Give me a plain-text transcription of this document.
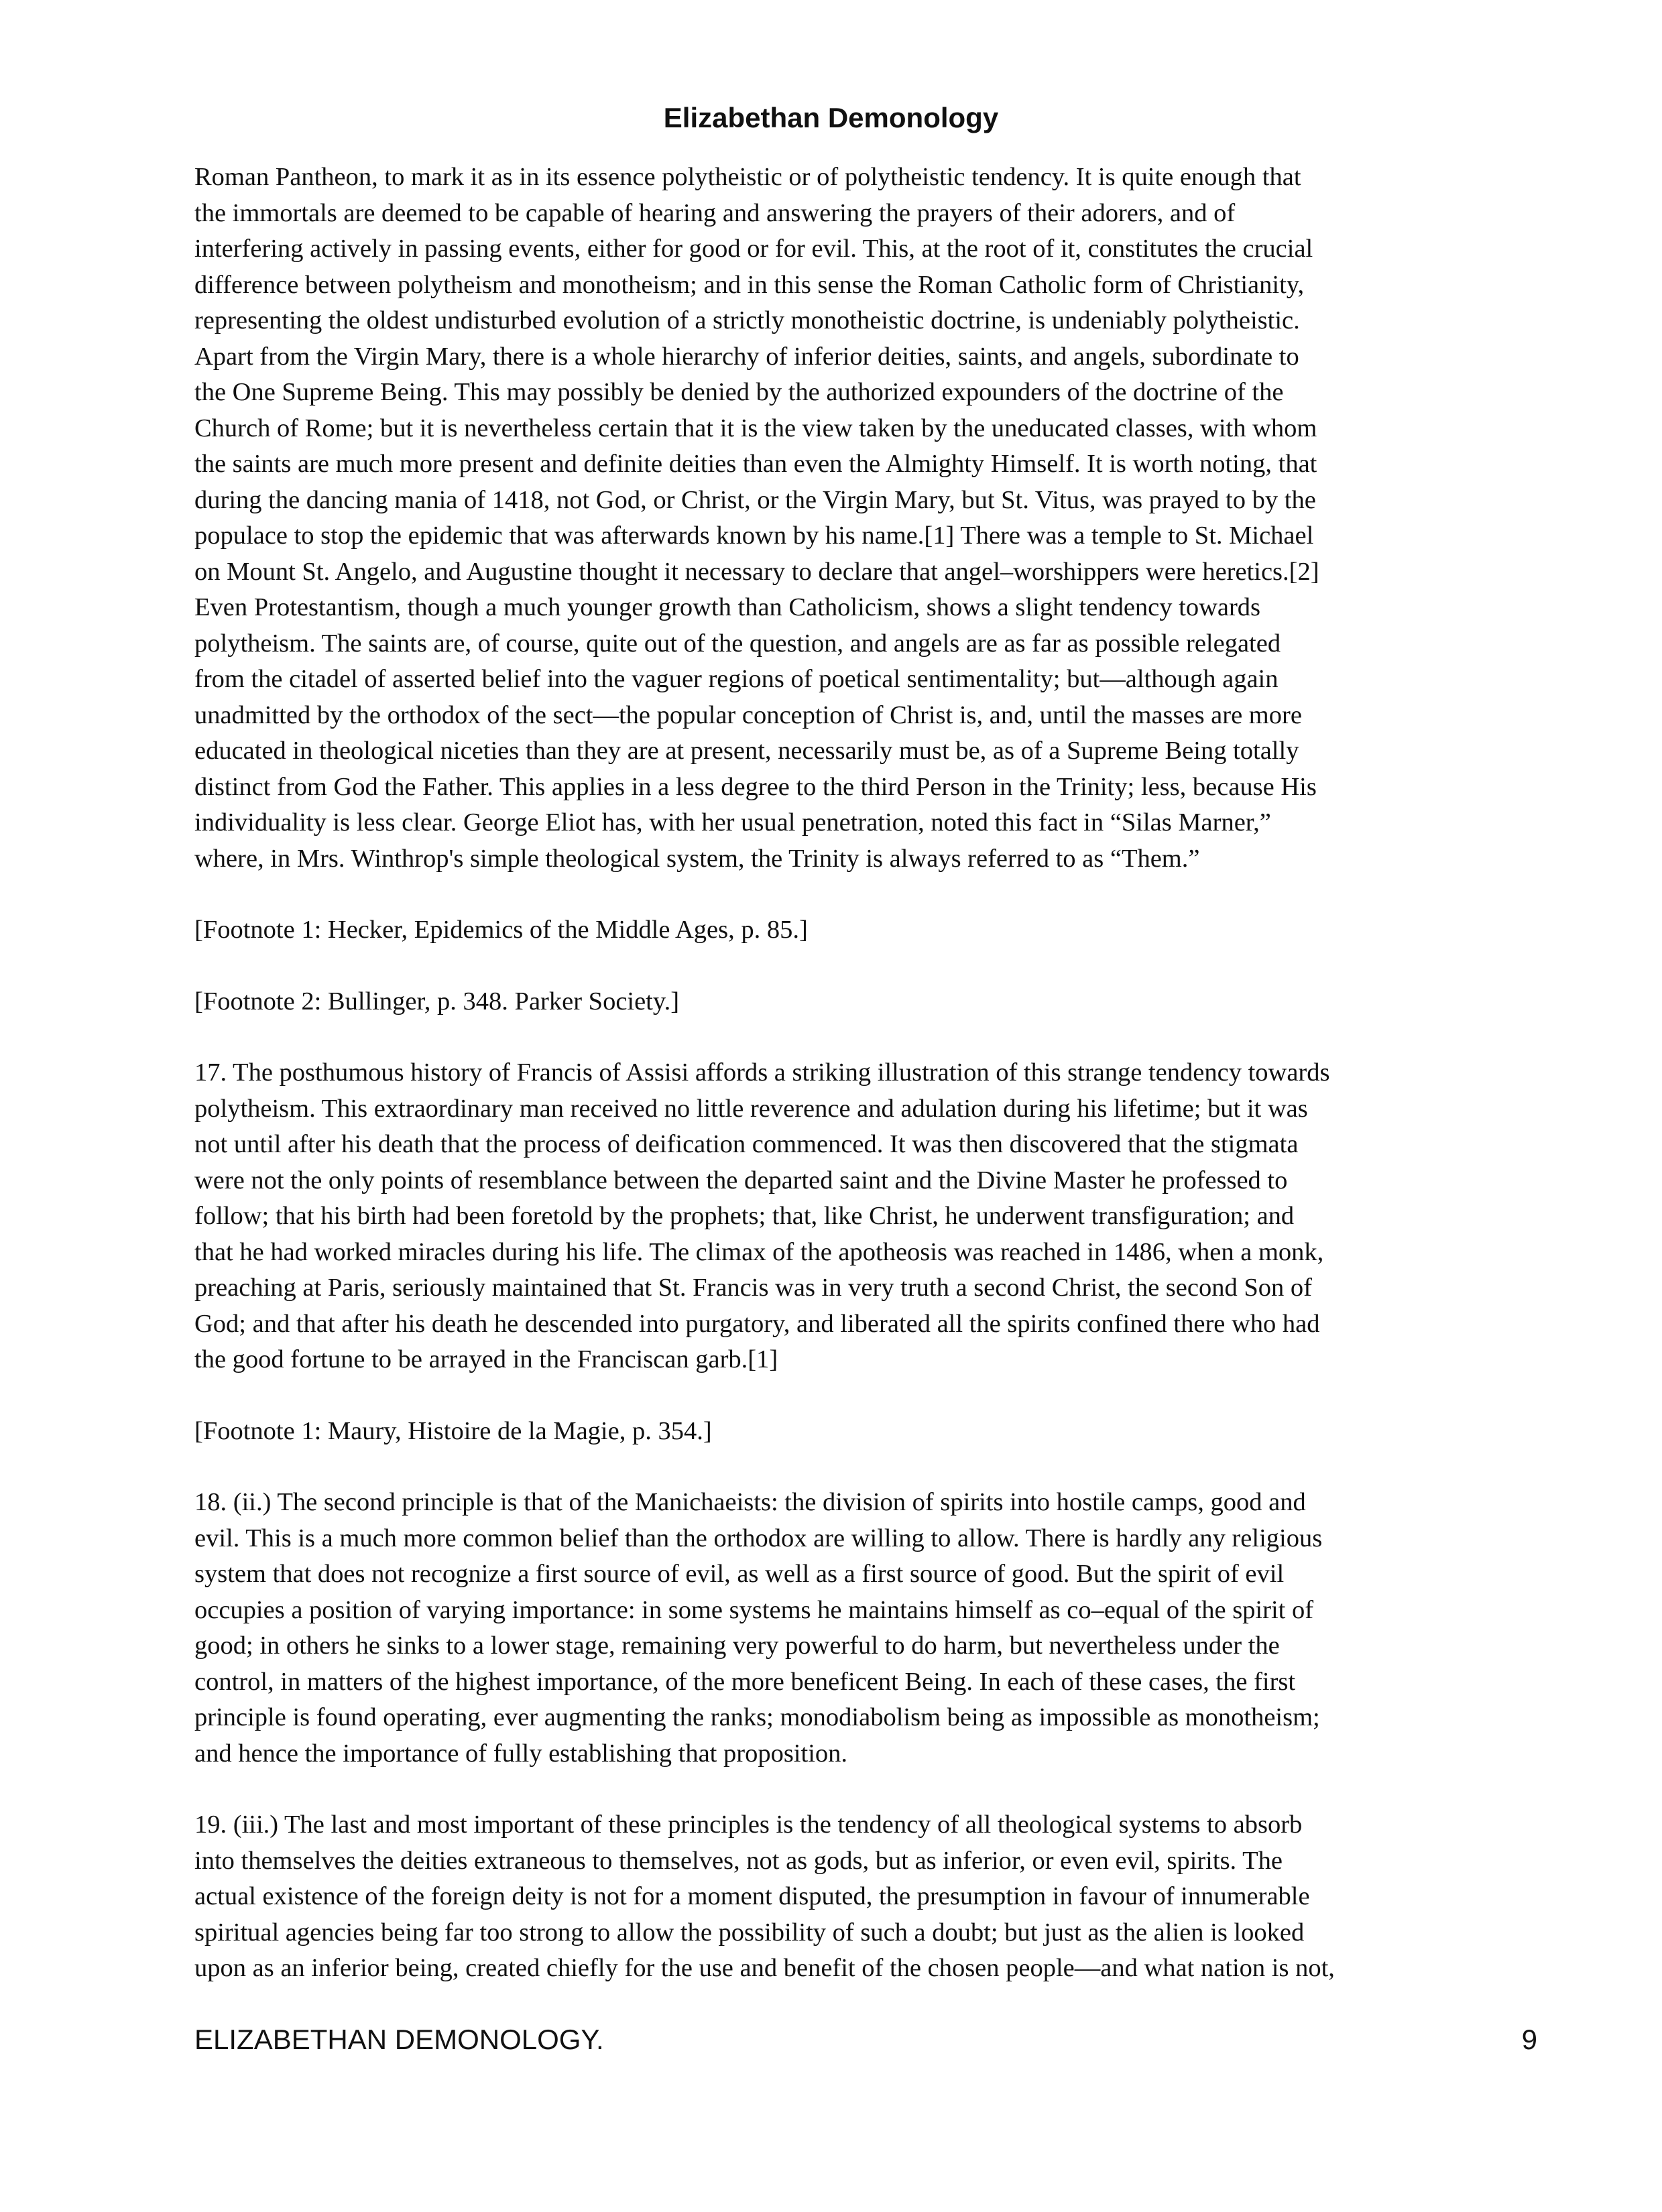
Elizabethan Demonology

Roman Pantheon, to mark it as in its essence polytheistic or of polytheistic tendency. It is quite enough that
the immortals are deemed to be capable of hearing and answering the prayers of their adorers, and of
interfering actively in passing events, either for good or for evil. This, at the root of it, constitutes the crucial
difference between polytheism and monotheism; and in this sense the Roman Catholic form of Christianity,
representing the oldest undisturbed evolution of a strictly monotheistic doctrine, is undeniably polytheistic.
Apart from the Virgin Mary, there is a whole hierarchy of inferior deities, saints, and angels, subordinate to
the One Supreme Being. This may possibly be denied by the authorized expounders of the doctrine of the
Church of Rome; but it is nevertheless certain that it is the view taken by the uneducated classes, with whom
the saints are much more present and definite deities than even the Almighty Himself. It is worth noting, that
during the dancing mania of 1418, not God, or Christ, or the Virgin Mary, but St. Vitus, was prayed to by the
populace to stop the epidemic that was afterwards known by his name.[1] There was a temple to St. Michael
on Mount St. Angelo, and Augustine thought it necessary to declare that angel–worshippers were heretics.[2]
Even Protestantism, though a much younger growth than Catholicism, shows a slight tendency towards
polytheism. The saints are, of course, quite out of the question, and angels are as far as possible relegated
from the citadel of asserted belief into the vaguer regions of poetical sentimentality; but—although again
unadmitted by the orthodox of the sect—the popular conception of Christ is, and, until the masses are more
educated in theological niceties than they are at present, necessarily must be, as of a Supreme Being totally
distinct from God the Father. This applies in a less degree to the third Person in the Trinity; less, because His
individuality is less clear. George Eliot has, with her usual penetration, noted this fact in “Silas Marner,”
where, in Mrs. Winthrop's simple theological system, the Trinity is always referred to as “Them.”

[Footnote 1: Hecker, Epidemics of the Middle Ages, p. 85.]

[Footnote 2: Bullinger, p. 348. Parker Society.]

17. The posthumous history of Francis of Assisi affords a striking illustration of this strange tendency towards
polytheism. This extraordinary man received no little reverence and adulation during his lifetime; but it was
not until after his death that the process of deification commenced. It was then discovered that the stigmata
were not the only points of resemblance between the departed saint and the Divine Master he professed to
follow; that his birth had been foretold by the prophets; that, like Christ, he underwent transfiguration; and
that he had worked miracles during his life. The climax of the apotheosis was reached in 1486, when a monk,
preaching at Paris, seriously maintained that St. Francis was in very truth a second Christ, the second Son of
God; and that after his death he descended into purgatory, and liberated all the spirits confined there who had
the good fortune to be arrayed in the Franciscan garb.[1]

[Footnote 1: Maury, Histoire de la Magie, p. 354.]

18. (ii.) The second principle is that of the Manichaeists: the division of spirits into hostile camps, good and
evil. This is a much more common belief than the orthodox are willing to allow. There is hardly any religious
system that does not recognize a first source of evil, as well as a first source of good. But the spirit of evil
occupies a position of varying importance: in some systems he maintains himself as co–equal of the spirit of
good; in others he sinks to a lower stage, remaining very powerful to do harm, but nevertheless under the
control, in matters of the highest importance, of the more beneficent Being. In each of these cases, the first
principle is found operating, ever augmenting the ranks; monodiabolism being as impossible as monotheism;
and hence the importance of fully establishing that proposition.

19. (iii.) The last and most important of these principles is the tendency of all theological systems to absorb
into themselves the deities extraneous to themselves, not as gods, but as inferior, or even evil, spirits. The
actual existence of the foreign deity is not for a moment disputed, the presumption in favour of innumerable
spiritual agencies being far too strong to allow the possibility of such a doubt; but just as the alien is looked
upon as an inferior being, created chiefly for the use and benefit of the chosen people—and what nation is not,

ELIZABETHAN DEMONOLOGY.	9
